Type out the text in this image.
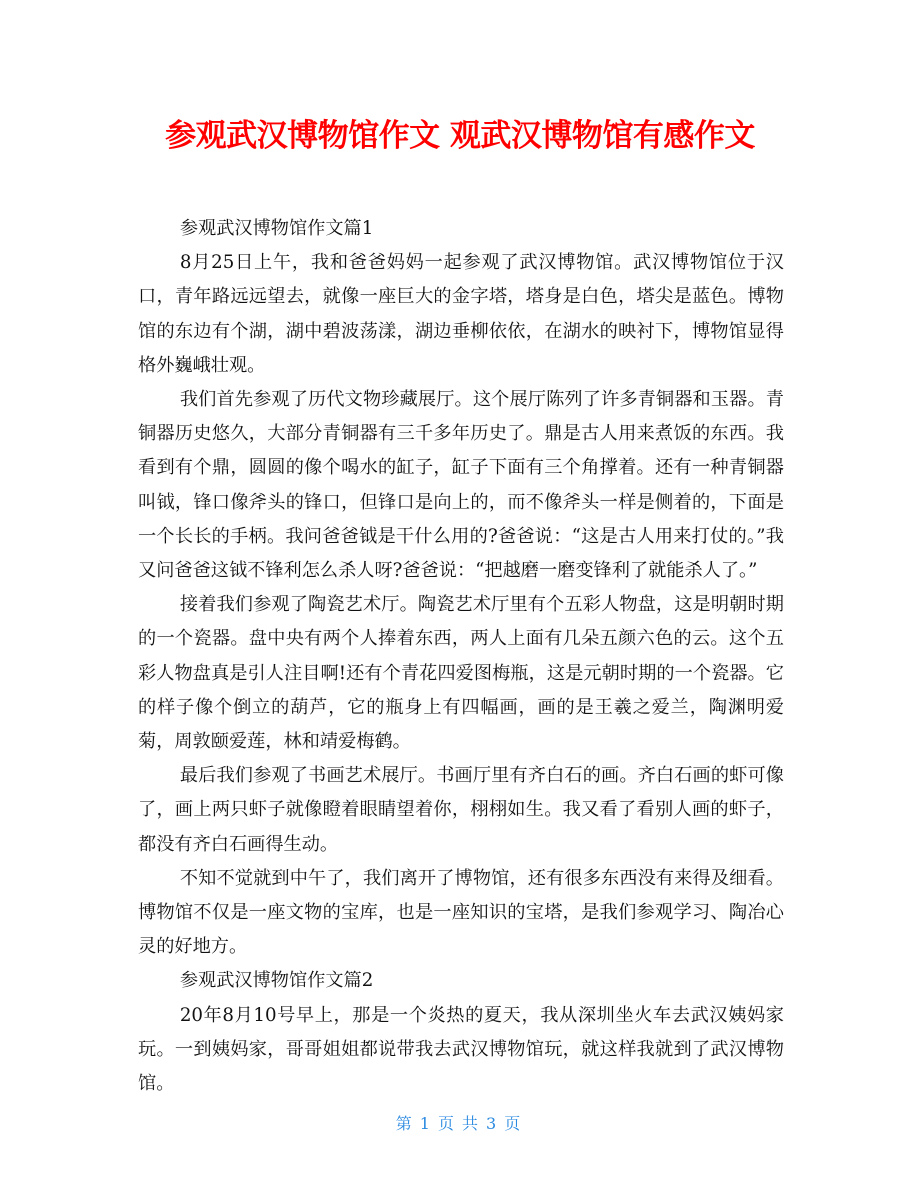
参观武汉博物馆作文 观武汉博物馆有感作文

参观武汉博物馆作文篇1

8月25日上午，我和爸爸妈妈一起参观了武汉博物馆。武汉博物馆位于汉口，青年路远远望去，就像一座巨大的金字塔，塔身是白色，塔尖是蓝色。博物馆的东边有个湖，湖中碧波荡漾，湖边垂柳依依，在湖水的映衬下，博物馆显得格外巍峨壮观。

我们首先参观了历代文物珍藏展厅。这个展厅陈列了许多青铜器和玉器。青铜器历史悠久，大部分青铜器有三千多年历史了。鼎是古人用来煮饭的东西。我看到有个鼎，圆圆的像个喝水的缸子，缸子下面有三个角撑着。还有一种青铜器叫钺，锋口像斧头的锋口，但锋口是向上的，而不像斧头一样是侧着的，下面是一个长长的手柄。我问爸爸钺是干什么用的?爸爸说：“这是古人用来打仗的。”我又问爸爸这钺不锋利怎么杀人呀?爸爸说：“把越磨一磨变锋利了就能杀人了。”

接着我们参观了陶瓷艺术厅。陶瓷艺术厅里有个五彩人物盘，这是明朝时期的一个瓷器。盘中央有两个人捧着东西，两人上面有几朵五颜六色的云。这个五彩人物盘真是引人注目啊!还有个青花四爱图梅瓶，这是元朝时期的一个瓷器。它的样子像个倒立的葫芦，它的瓶身上有四幅画，画的是王羲之爱兰，陶渊明爱菊，周敦颐爱莲，林和靖爱梅鹤。

最后我们参观了书画艺术展厅。书画厅里有齐白石的画。齐白石画的虾可像了，画上两只虾子就像瞪着眼睛望着你，栩栩如生。我又看了看别人画的虾子，都没有齐白石画得生动。

不知不觉就到中午了，我们离开了博物馆，还有很多东西没有来得及细看。博物馆不仅是一座文物的宝库，也是一座知识的宝塔，是我们参观学习、陶冶心灵的好地方。

参观武汉博物馆作文篇2

20年8月10号早上，那是一个炎热的夏天，我从深圳坐火车去武汉姨妈家玩。一到姨妈家，哥哥姐姐都说带我去武汉博物馆玩，就这样我就到了武汉博物馆。

第 1 页 共 3 页
